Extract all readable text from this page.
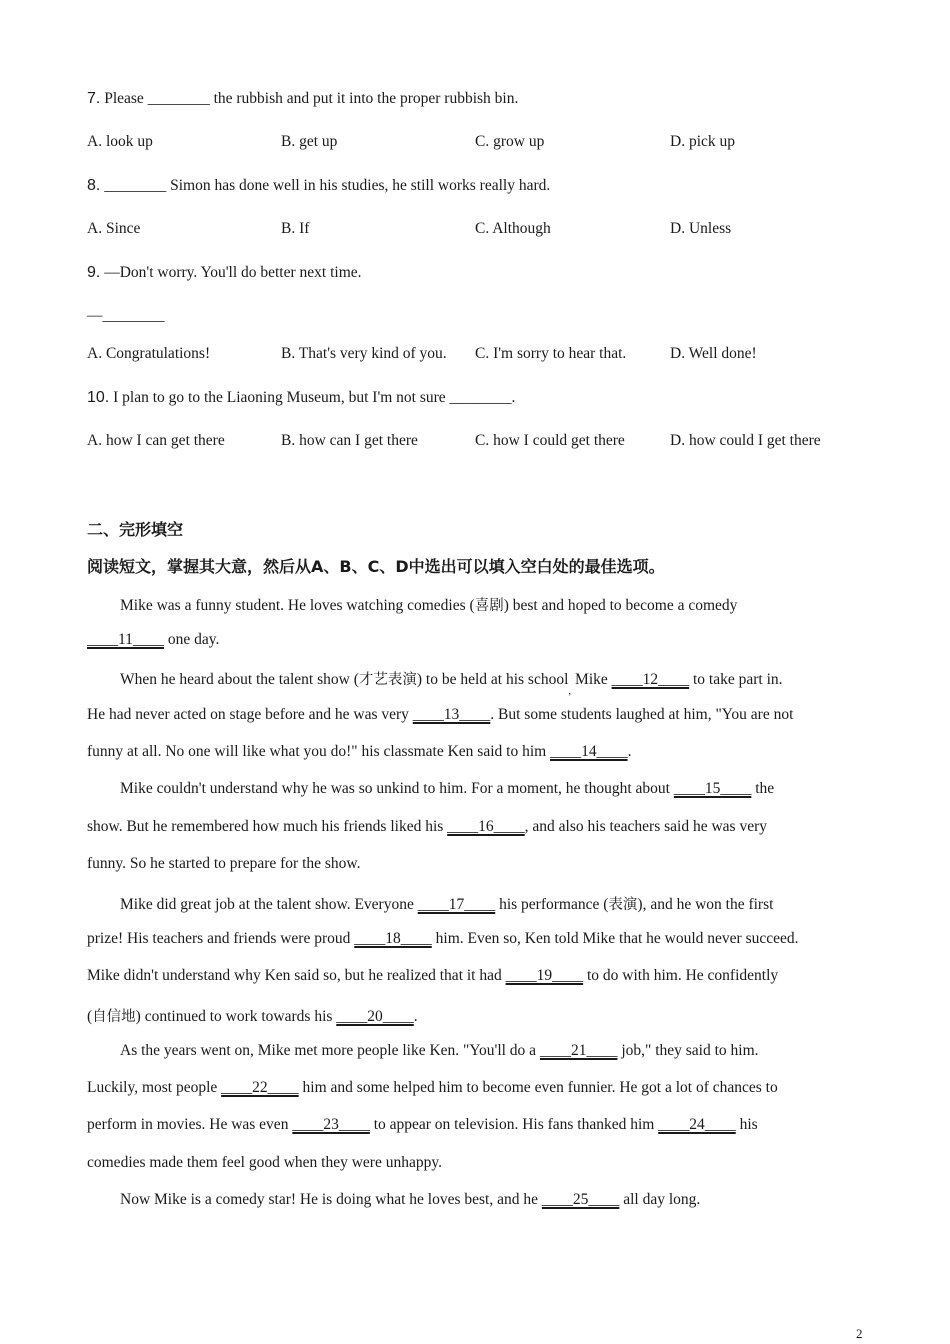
7. Please ________ the rubbish and put it into the proper rubbish bin.
A. look up	B. get up	C. grow up	D. pick up
8. ________ Simon has done well in his studies, he still works really hard.
A. Since	B. If	C. Although	D. Unless
9. —Don't worry. You'll do better next time.
—________
A. Congratulations!	B. That's very kind of you. C. I'm sorry to hear that.	D. Well done!
10. I plan to go to the Liaoning Museum, but I'm not sure ________.
A. how I can get there	B. how can I get there	C. how I could get there	D. how could I get there
二、完形填空
阅读短文，掌握其大意，然后从A、B、C、D中选出可以填入空白处的最佳选项。
Mike was a funny student. He loves watching comedies (喜剧) best and hoped to become a comedy
____11____ one day.
When he heard about the talent show (才艺表演) to be held at his school$_,$ Mike ____12____ to take part in.
He had never acted on stage before and he was very ____13____. But some students laughed at him, "You are not
funny at all. No one will like what you do!" his classmate Ken said to him ____14____.
Mike couldn't understand why he was so unkind to him. For a moment, he thought about ____15____ the
show. But he remembered how much his friends liked his ____16____, and also his teachers said he was very
funny. So he started to prepare for the show.
Mike did great job at the talent show. Everyone ____17____ his performance (表演), and he won the first
prize! His teachers and friends were proud ____18____ him. Even so, Ken told Mike that he would never succeed.
Mike didn't understand why Ken said so, but he realized that it had ____19____ to do with him. He confidently
(自信地) continued to work towards his ____20____.
As the years went on, Mike met more people like Ken. "You'll do a ____21____ job," they said to him.
Luckily, most people ____22____ him and some helped him to become even funnier. He got a lot of chances to
perform in movies. He was even ____23____ to appear on television. His fans thanked him ____24____ his
comedies made them feel good when they were unhappy.
Now Mike is a comedy star! He is doing what he loves best, and he ____25____ all day long.
2
